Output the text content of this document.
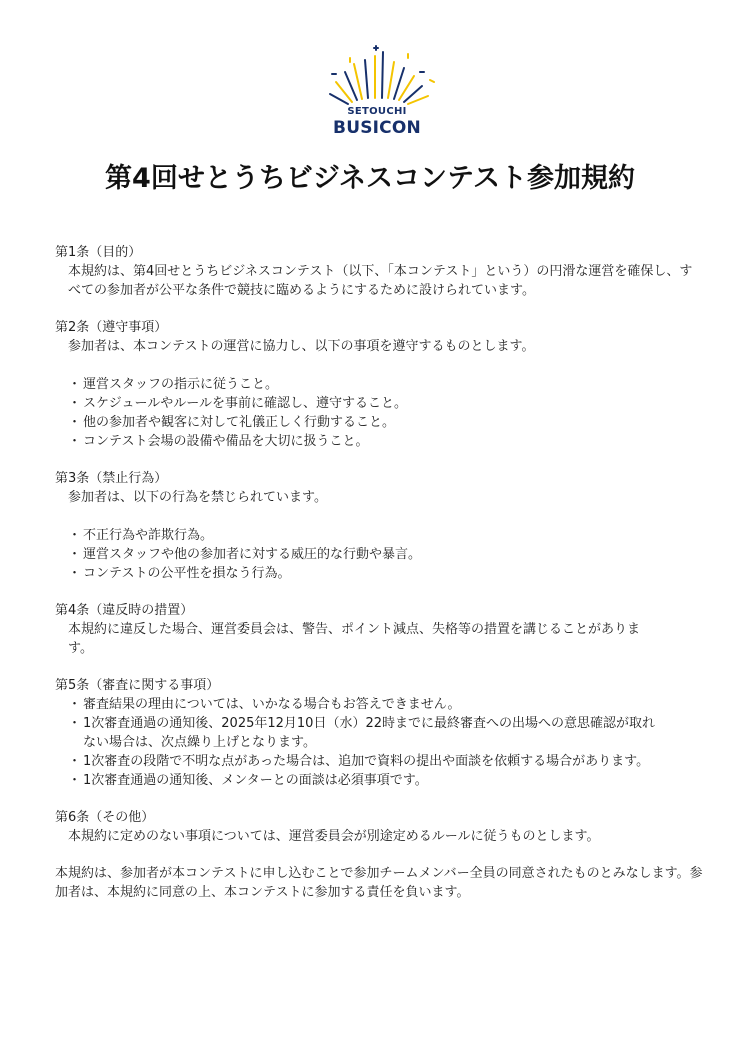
SETOUCHI
BUSICON
第4回せとうちビジネスコンテスト参加規約
第1条（目的）

本規約は、第4回せとうちビジネスコンテスト（以下、「本コンテスト」という）の円滑な運営を確保し、すべての参加者が公平な条件で競技に臨めるようにするために設けられています。

第2条（遵守事項）

参加者は、本コンテストの運営に協力し、以下の事項を遵守するものとします。

・ 運営スタッフの指示に従うこと。
・ スケジュールやルールを事前に確認し、遵守すること。
・ 他の参加者や観客に対して礼儀正しく行動すること。
・ コンテスト会場の設備や備品を大切に扱うこと。
第3条（禁止行為）

参加者は、以下の行為を禁じられています。

・ 不正行為や詐欺行為。
・ 運営スタッフや他の参加者に対する威圧的な行動や暴言。
・ コンテストの公平性を損なう行為。
第4条（違反時の措置）

本規約に違反した場合、運営委員会は、警告、ポイント減点、失格等の措置を講じることがあります。

第5条（審査に関する事項）
・ 審査結果の理由については、いかなる場合もお答えできません。
・ 1次審査通過の通知後、2025年12月10日（水）22時までに最終審査への出場への意思確認が取れない場合は、次点繰り上げとなります。
・ 1次審査の段階で不明な点があった場合は、追加で資料の提出や面談を依頼する場合があります。
・ 1次審査通過の通知後、メンターとの面談は必須事項です。
第6条（その他）

本規約に定めのない事項については、運営委員会が別途定めるルールに従うものとします。

本規約は、参加者が本コンテストに申し込むことで参加チームメンバー全員の同意されたものとみなします。参加者は、本規約に同意の上、本コンテストに参加する責任を負います。
